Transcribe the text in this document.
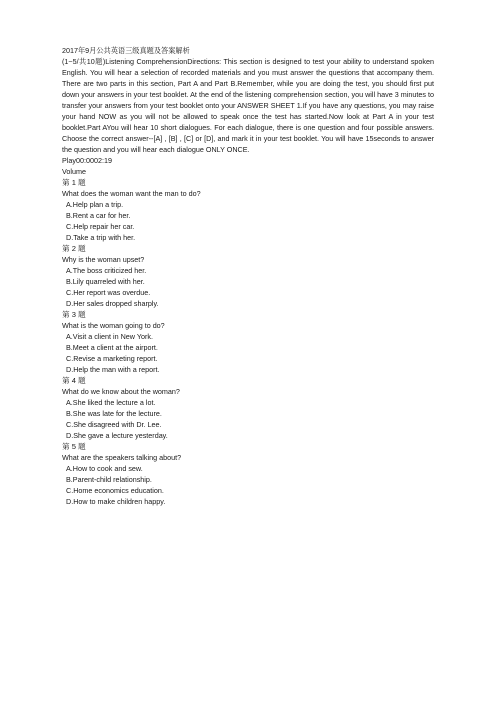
2017年9月公共英语三级真题及答案解析

(1~5/共10题)Listening ComprehensionDirections: This section is designed to test your ability to understand spoken English. You will hear a selection of recorded materials and you must answer the questions that accompany them. There are two parts in this section, Part A and Part B.Remember, while you are doing the test, you should first put down your answers in your test booklet. At the end of the listening comprehension section, you will have 3 minutes to transfer your answers from your test booklet onto your ANSWER SHEET 1.If you have any questions, you may raise your hand NOW as you will not be allowed to speak once the test has started.Now look at Part A in your test booklet.Part AYou will hear 10 short dialogues. For each dialogue, there is one question and four possible answers. Choose the correct answer--[A] , [B] , [C] or [D], and mark it in your test booklet. You will have 15seconds to answer the question and you will hear each dialogue ONLY ONCE.

Play00:0002:19

Volume

第 1 题

What does the woman want the man to do?

A.Help plan a trip.
B.Rent a car for her.
C.Help repair her car.
D.Take a trip with her.

第 2 题

Why is the woman upset?

A.The boss criticized her.
B.Lily quarreled with her.
C.Her report was overdue.
D.Her sales dropped sharply.

第 3 题

What is the woman going to do?

A.Visit a client in New York.
B.Meet a client at the airport.
C.Revise a marketing report.
D.Help the man with a report.

第 4 题

What do we know about the woman?

A.She liked the lecture a lot.
B.She was late for the lecture.
C.She disagreed with Dr. Lee.
D.She gave a lecture yesterday.

第 5 题

What are the speakers talking about?

A.How to cook and sew.
B.Parent-child relationship.
C.Home economics education.
D.How to make children happy.
